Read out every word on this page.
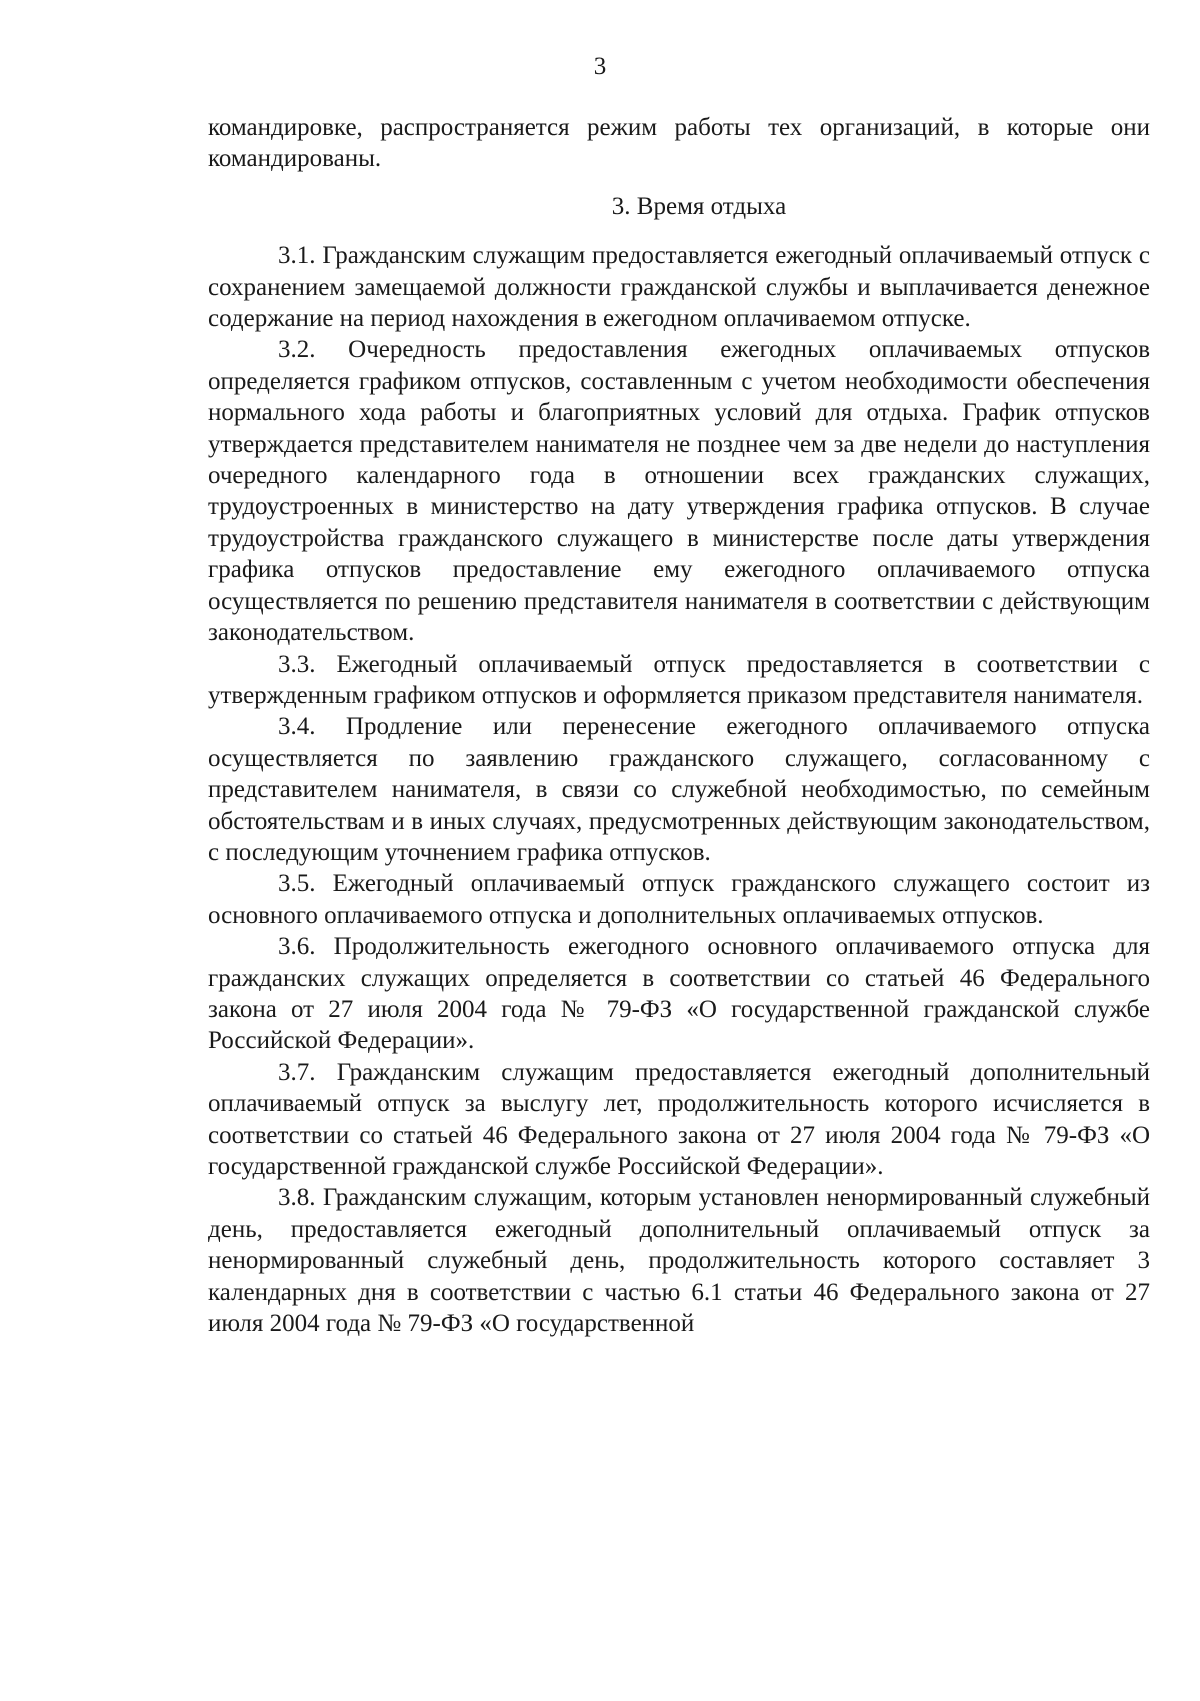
3

командировке, распространяется режим работы тех организаций, в которые они командированы.

3. Время отдыха

3.1. Гражданским служащим предоставляется ежегодный оплачиваемый отпуск с сохранением замещаемой должности гражданской службы и выплачивается денежное содержание на период нахождения в ежегодном оплачиваемом отпуске.

3.2. Очередность предоставления ежегодных оплачиваемых отпусков определяется графиком отпусков, составленным с учетом необходимости обеспечения нормального хода работы и благоприятных условий для отдыха. График отпусков утверждается представителем нанимателя не позднее чем за две недели до наступления очередного календарного года в отношении всех гражданских служащих, трудоустроенных в министерство на дату утверждения графика отпусков. В случае трудоустройства гражданского служащего в министерстве после даты утверждения графика отпусков предоставление ему ежегодного оплачиваемого отпуска осуществляется по решению представителя нанимателя в соответствии с действующим законодательством.

3.3. Ежегодный оплачиваемый отпуск предоставляется в соответствии с утвержденным графиком отпусков и оформляется приказом представителя нанимателя.

3.4. Продление или перенесение ежегодного оплачиваемого отпуска осуществляется по заявлению гражданского служащего, согласованному с представителем нанимателя, в связи со служебной необходимостью, по семейным обстоятельствам и в иных случаях, предусмотренных действующим законодательством, с последующим уточнением графика отпусков.

3.5. Ежегодный оплачиваемый отпуск гражданского служащего состоит из основного оплачиваемого отпуска и дополнительных оплачиваемых отпусков.

3.6. Продолжительность ежегодного основного оплачиваемого отпуска для гражданских служащих определяется в соответствии со статьей 46 Федерального закона от 27 июля 2004 года № 79-ФЗ «О государственной гражданской службе Российской Федерации».

3.7. Гражданским служащим предоставляется ежегодный дополнительный оплачиваемый отпуск за выслугу лет, продолжительность которого исчисляется в соответствии со статьей 46 Федерального закона от 27 июля 2004 года № 79-ФЗ «О государственной гражданской службе Российской Федерации».

3.8. Гражданским служащим, которым установлен ненормированный служебный день, предоставляется ежегодный дополнительный оплачиваемый отпуск за ненормированный служебный день, продолжительность которого составляет 3 календарных дня в соответствии с частью 6.1 статьи 46 Федерального закона от 27 июля 2004 года № 79-ФЗ «О государственной
